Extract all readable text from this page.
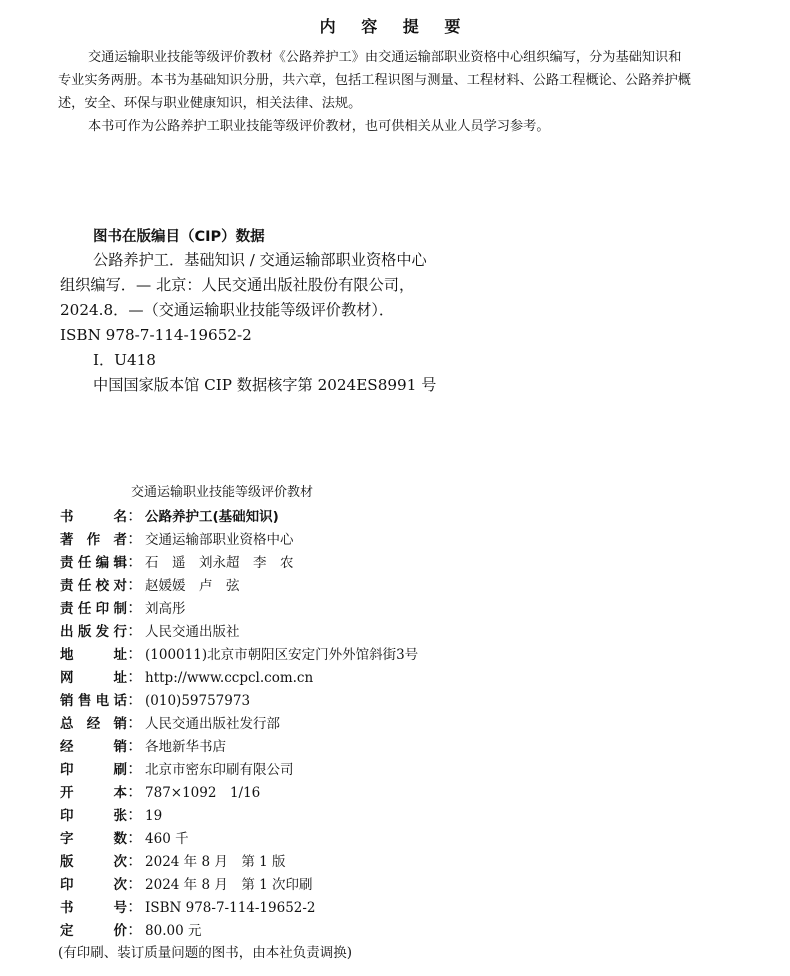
内 容 提 要
交通运输职业技能等级评价教材《公路养护工》由交通运输部职业资格中心组织编写，分为基础知识和
专业实务两册。本书为基础知识分册，共六章，包括工程识图与测量、工程材料、公路工程概论、公路养护概
述，安全、环保与职业健康知识，相关法律、法规。
本书可作为公路养护工职业技能等级评价教材，也可供相关从业人员学习参考。
图书在版编目（CIP）数据
公路养护工．基础知识 / 交通运输部职业资格中心
组织编写．— 北京：人民交通出版社股份有限公司，
2024.8．—（交通运输职业技能等级评价教材）．
ISBN 978-7-114-19652-2
Ⅰ．U418
中国国家版本馆 CIP 数据核字第 2024ES8991 号
交通运输职业技能等级评价教材
书名： 公路养护工(基础知识)
著作者： 交通运输部职业资格中心
责任编辑： 石　遥　刘永超　李　农
责任校对： 赵媛媛　卢　弦
责任印制： 刘高彤
出版发行： 人民交通出版社
地址： (100011)北京市朝阳区安定门外外馆斜街3号
网址： http://www.ccpcl.com.cn
销售电话： (010)59757973
总经销： 人民交通出版社发行部
经销： 各地新华书店
印刷： 北京市密东印刷有限公司
开本： 787×1092　1/16
印张： 19
字数： 460 千
版次： 2024 年 8 月　第 1 版
印次： 2024 年 8 月　第 1 次印刷
书号： ISBN 978-7-114-19652-2
定价： 80.00 元
(有印刷、装订质量问题的图书，由本社负责调换)
